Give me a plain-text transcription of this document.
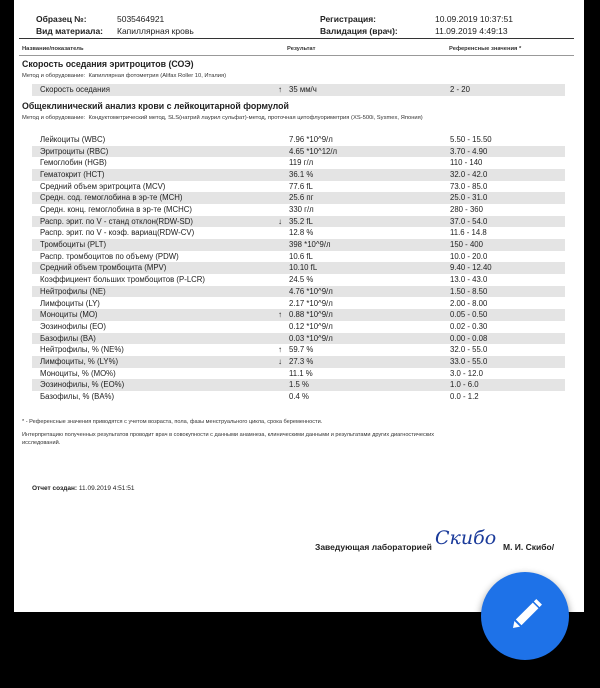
Образец №:	5035464921
Вид материала: Капиллярная кровь
Регистрация:	10.09.2019 10:37:51
Валидация (врач):	11.09.2019 4:49:13
Название/показатель	Результат	Референсные значения *
Скорость оседания эритроцитов (СОЭ)
Метод и оборудование: Капиллярная фотометрия (Alifax Roller 10, Италия)
Скорость оседания	↑ 35 мм/ч	2 - 20
Общеклинический анализ крови с лейкоцитарной формулой
Метод и оборудование: Кондуктометрический метод, SLS(натрий лаурил сульфат)-метод, проточная цитофлуориметрия (XS-500i, Sysmex, Япония)
Лейкоциты (WBC)	7.96 *10^9/л	5.50 - 15.50
Эритроциты (RBC)	4.65 *10^12/л	3.70 - 4.90
Гемоглобин (HGB)	119 г/л	110 - 140
Гематокрит (HCT)	36.1 %	32.0 - 42.0
Средний объем эритроцита (MCV)	77.6 fL	73.0 - 85.0
Средн. сод. гемоглобина в эр-те (MCH)	25.6 пг	25.0 - 31.0
Средн. конц. гемоглобина в эр-те (MCHC)	330 г/л	280 - 360
Распр. эрит. по V - станд отклон(RDW-SD)	↓ 35.2 fL	37.0 - 54.0
Распр. эрит. по V - коэф. вариац(RDW-CV)	12.8 %	11.6 - 14.8
Тромбоциты (PLT)	398 *10^9/л	150 - 400
Распр. тромбоцитов по объему (PDW)	10.6 fL	10.0 - 20.0
Средний объем тромбоцита (MPV)	10.10 fL	9.40 - 12.40
Коэффициент больших тромбоцитов (P-LCR)	24.5 %	13.0 - 43.0
Нейтрофилы (NE)	4.76 *10^9/л	1.50 - 8.50
Лимфоциты (LY)	2.17 *10^9/л	2.00 - 8.00
Моноциты (MO)	↑ 0.88 *10^9/л	0.05 - 0.50
Эозинофилы (EO)	0.12 *10^9/л	0.02 - 0.30
Базофилы (BA)	0.03 *10^9/л	0.00 - 0.08
Нейтрофилы, % (NE%)	↑ 59.7 %	32.0 - 55.0
Лимфоциты, % (LY%)	↓ 27.3 %	33.0 - 55.0
Моноциты, % (MO%)	11.1 %	3.0 - 12.0
Эозинофилы, % (EO%)	1.5 %	1.0 - 6.0
Базофилы, % (BA%)	0.4 %	0.0 - 1.2
* - Референсные значения приводятся с учетом возраста, пола, фазы менструального цикла, срока беременности.
Интерпретацию полученных результатов проводит врач в совокупности с данными анамнеза, клиническими данными и результатами других диагностических исследований.
Отчет создан: 11.09.2019 4:51:51
Заведующая лабораторией Скибо М. И. Скибо/
